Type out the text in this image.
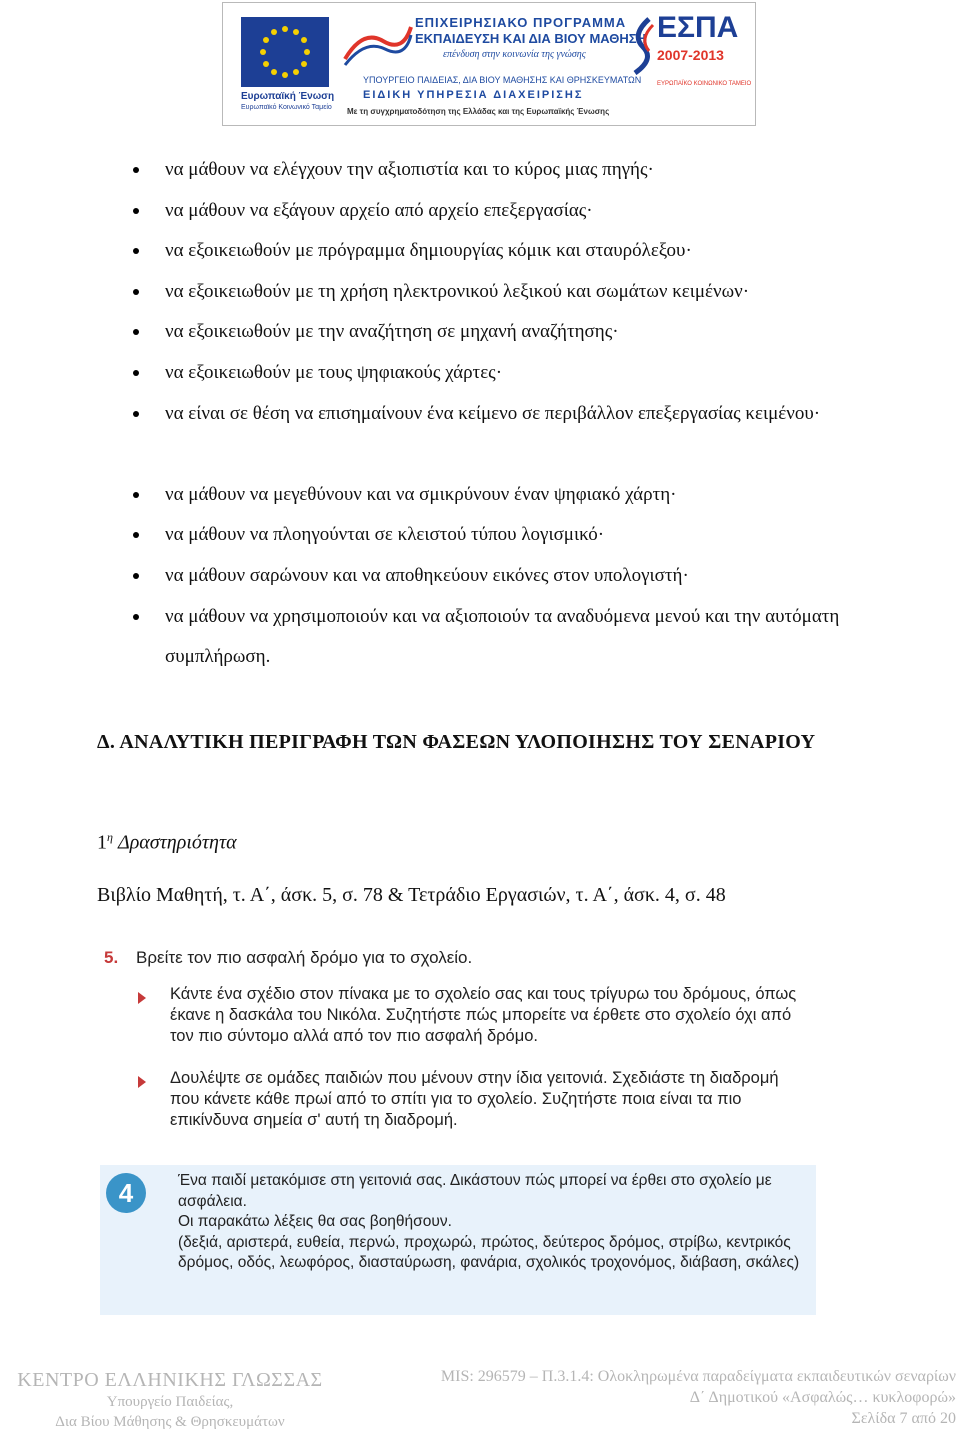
Ευρωπαϊκή Ένωση
Ευρωπαϊκό Κοινωνικό Ταμείο
ΕΠΙΧΕΙΡΗΣΙΑΚΟ ΠΡΟΓΡΑΜΜΑ
ΕΚΠΑΙΔΕΥΣΗ ΚΑΙ ΔΙΑ ΒΙΟΥ ΜΑΘΗΣΗ
επένδυση στην κοινωνία της γνώσης
ΥΠΟΥΡΓΕΙΟ ΠΑΙΔΕΙΑΣ, ΔΙΑ ΒΙΟΥ ΜΑΘΗΣΗΣ ΚΑΙ ΘΡΗΣΚΕΥΜΑΤΩΝ
ΕΙΔΙΚΗ ΥΠΗΡΕΣΙΑ ΔΙΑΧΕΙΡΙΣΗΣ
Με τη συγχρηματοδότηση της Ελλάδας και της Ευρωπαϊκής Ένωσης
ΕΣΠΑ
2007-2013
ΕΥΡΩΠΑΪΚΟ ΚΟΙΝΩΝΙΚΟ ΤΑΜΕΙΟ
να μάθουν να ελέγχουν την αξιοπιστία και το κύρος μιας πηγής·
να μάθουν να εξάγουν αρχείο από αρχείο επεξεργασίας·
να εξοικειωθούν με πρόγραμμα δημιουργίας κόμικ και σταυρόλεξου·
να εξοικειωθούν με τη χρήση ηλεκτρονικού λεξικού και σωμάτων κειμένων·
να εξοικειωθούν με την αναζήτηση σε μηχανή αναζήτησης·
να εξοικειωθούν με τους ψηφιακούς χάρτες·
να είναι σε θέση να επισημαίνουν ένα κείμενο σε περιβάλλον επεξεργασίας κειμένου·
να μάθουν να μεγεθύνουν και να σμικρύνουν έναν ψηφιακό χάρτη·
να μάθουν να πλοηγούνται σε κλειστού τύπου λογισμικό·
να μάθουν σαρώνουν και να αποθηκεύουν εικόνες στον υπολογιστή·
να μάθουν να χρησιμοποιούν και να αξιοποιούν τα αναδυόμενα μενού και την αυτόματη συμπλήρωση.
Δ. ΑΝΑΛΥΤΙΚΗ ΠΕΡΙΓΡΑΦΗ ΤΩΝ ΦΑΣΕΩΝ ΥΛΟΠΟΙΗΣΗΣ ΤΟΥ ΣΕΝΑΡΙΟΥ
$1^\eta$ Δραστηριότητα
Βιβλίο Μαθητή, τ. Α΄, άσκ. 5, σ. 78 & Τετράδιο Εργασιών, τ. Α΄, άσκ. 4, σ. 48
5. Βρείτε τον πιο ασφαλή δρόμο για το σχολείο.
Κάντε ένα σχέδιο στον πίνακα με το σχολείο σας και τους τρίγυρω του δρόμους, όπως έκανε η δασκάλα του Νικόλα. Συζητήστε πώς μπορείτε να έρθετε στο σχολείο όχι από τον πιο σύντομο αλλά από τον πιο ασφαλή δρόμο.
Δουλέψτε σε ομάδες παιδιών που μένουν στην ίδια γειτονιά. Σχεδιάστε τη διαδρομή που κάνετε κάθε πρωί από το σπίτι για το σχολείο. Συζητήστε ποια είναι τα πιο επικίνδυνα σημεία σ' αυτή τη διαδρομή.
4	Ένα παιδί μετακόμισε στη γειτονιά σας. Δικάστουν πώς μπορεί να έρθει στο σχολείο με ασφάλεια.
Οι παρακάτω λέξεις θα σας βοηθήσουν.
(δεξιά, αριστερά, ευθεία, περνώ, προχωρώ, πρώτος, δεύτερος δρόμος, στρίβω, κεντρικός δρόμος, οδός, λεωφόρος, διασταύρωση, φανάρια, σχολικός τροχονόμος, διάβαση, σκάλες)
ΚΕΝΤΡΟ ΕΛΛΗΝΙΚΗΣ ΓΛΩΣΣΑΣ
Υπουργείο Παιδείας,
Δια Βίου Μάθησης & Θρησκευμάτων
MIS: 296579 – Π.3.1.4: Ολοκληρωμένα παραδείγματα εκπαιδευτικών σεναρίων
Δ΄ Δημοτικού «Ασφαλώς… κυκλοφορώ»
Σελίδα 7 από 20
